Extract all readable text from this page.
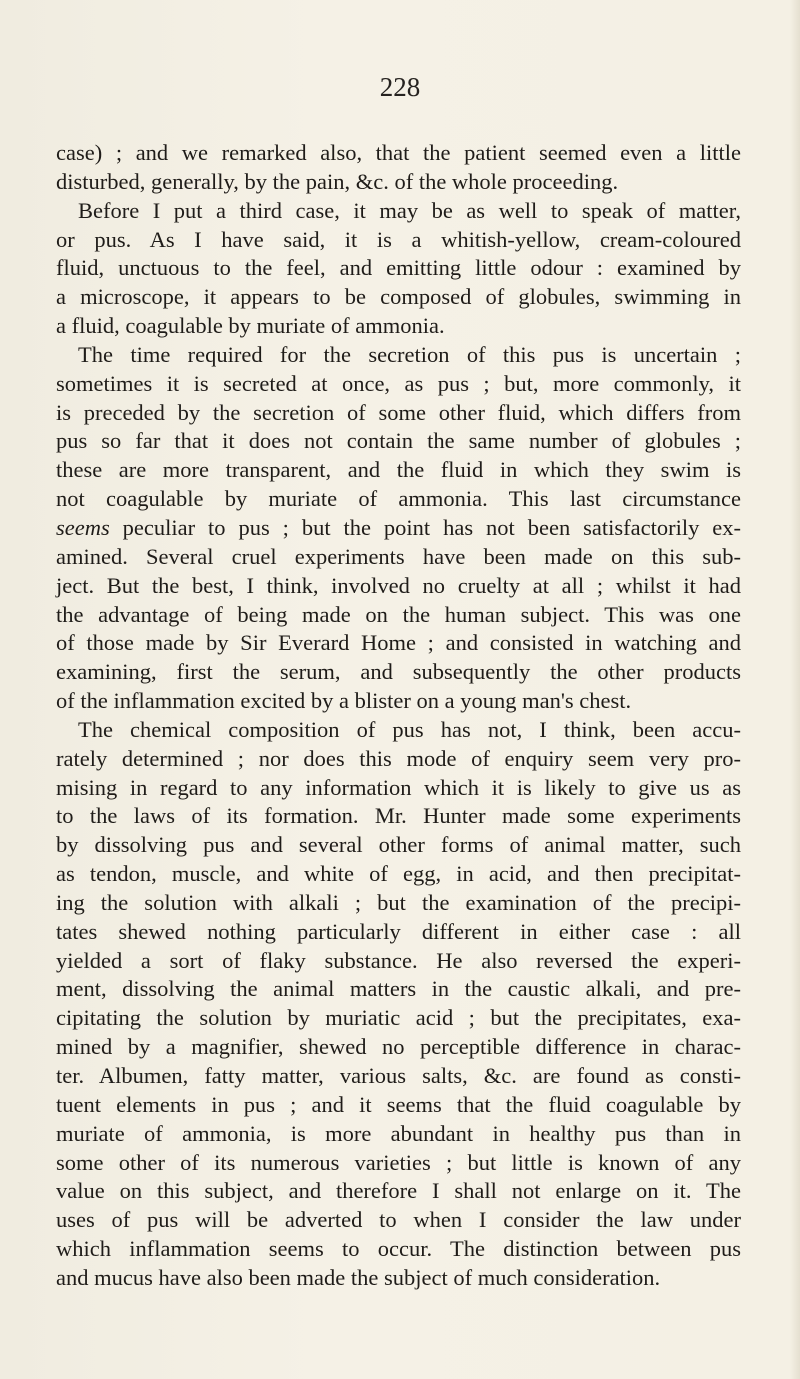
228
case) ; and we remarked also, that the patient seemed even a little
disturbed, generally, by the pain, &c. of the whole proceeding.
Before I put a third case, it may be as well to speak of matter,
or pus. As I have said, it is a whitish-yellow, cream-coloured
fluid, unctuous to the feel, and emitting little odour : examined by
a microscope, it appears to be composed of globules, swimming in
a fluid, coagulable by muriate of ammonia.
The time required for the secretion of this pus is uncertain ;
sometimes it is secreted at once, as pus ; but, more commonly, it
is preceded by the secretion of some other fluid, which differs from
pus so far that it does not contain the same number of globules ;
these are more transparent, and the fluid in which they swim is
not coagulable by muriate of ammonia. This last circumstance
seems peculiar to pus ; but the point has not been satisfactorily ex-
amined. Several cruel experiments have been made on this sub-
ject. But the best, I think, involved no cruelty at all ; whilst it had
the advantage of being made on the human subject. This was one
of those made by Sir Everard Home ; and consisted in watching and
examining, first the serum, and subsequently the other products
of the inflammation excited by a blister on a young man's chest.
The chemical composition of pus has not, I think, been accu-
rately determined ; nor does this mode of enquiry seem very pro-
mising in regard to any information which it is likely to give us as
to the laws of its formation. Mr. Hunter made some experiments
by dissolving pus and several other forms of animal matter, such
as tendon, muscle, and white of egg, in acid, and then precipitat-
ing the solution with alkali ; but the examination of the precipi-
tates shewed nothing particularly different in either case : all
yielded a sort of flaky substance. He also reversed the experi-
ment, dissolving the animal matters in the caustic alkali, and pre-
cipitating the solution by muriatic acid ; but the precipitates, exa-
mined by a magnifier, shewed no perceptible difference in charac-
ter. Albumen, fatty matter, various salts, &c. are found as consti-
tuent elements in pus ; and it seems that the fluid coagulable by
muriate of ammonia, is more abundant in healthy pus than in
some other of its numerous varieties ; but little is known of any
value on this subject, and therefore I shall not enlarge on it. The
uses of pus will be adverted to when I consider the law under
which inflammation seems to occur. The distinction between pus
and mucus have also been made the subject of much consideration.
